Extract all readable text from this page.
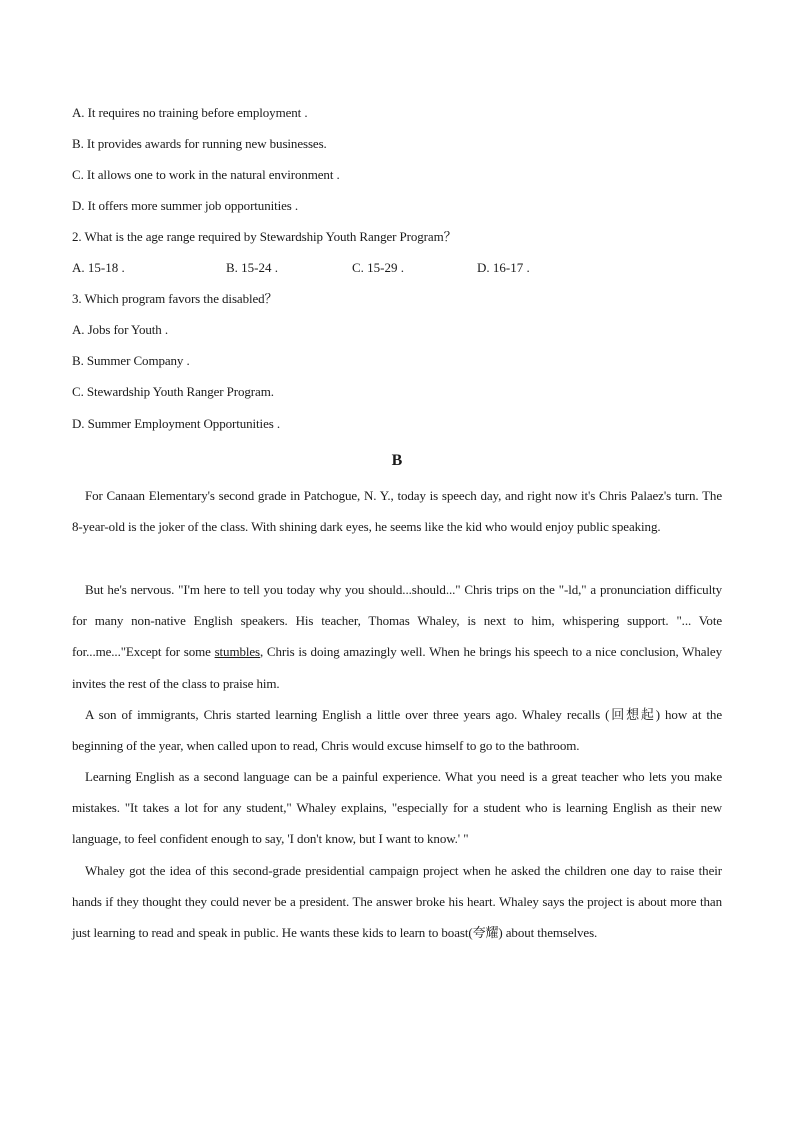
A. It requires no training before employment .
B. It provides awards for running new businesses.
C. It allows one to work in the natural environment .
D. It offers more summer job opportunities .
2. What is the age range required by Stewardship Youth Ranger Program？
A. 15-18 .	B. 15-24 .	C. 15-29 .	D. 16-17 .
3. Which program favors the disabled？
A. Jobs for Youth .
B. Summer Company .
C. Stewardship Youth Ranger Program.
D. Summer Employment Opportunities .
B
For Canaan Elementary's second grade in Patchogue, N. Y., today is speech day, and right now it's Chris Palaez's turn. The 8-year-old is the joker of the class. With shining dark eyes, he seems like the kid who would enjoy public speaking.
But he's nervous. "I'm here to tell you today why you should...should..." Chris trips on the "-ld," a pronunciation difficulty for many non-native English speakers. His teacher, Thomas Whaley, is next to him, whispering support. "... Vote for...me..."Except for some stumbles, Chris is doing amazingly well. When he brings his speech to a nice conclusion, Whaley invites the rest of the class to praise him.
A son of immigrants, Chris started learning English a little over three years ago. Whaley recalls (回想起) how at the beginning of the year, when called upon to read, Chris would excuse himself to go to the bathroom.
Learning English as a second language can be a painful experience. What you need is a great teacher who lets you make mistakes. "It takes a lot for any student," Whaley explains, "especially for a student who is learning English as their new language, to feel confident enough to say, 'I don't know, but I want to know.' "
Whaley got the idea of this second-grade presidential campaign project when he asked the children one day to raise their hands if they thought they could never be a president. The answer broke his heart. Whaley says the project is about more than just learning to read and speak in public. He wants these kids to learn to boast(夸耀) about themselves.
